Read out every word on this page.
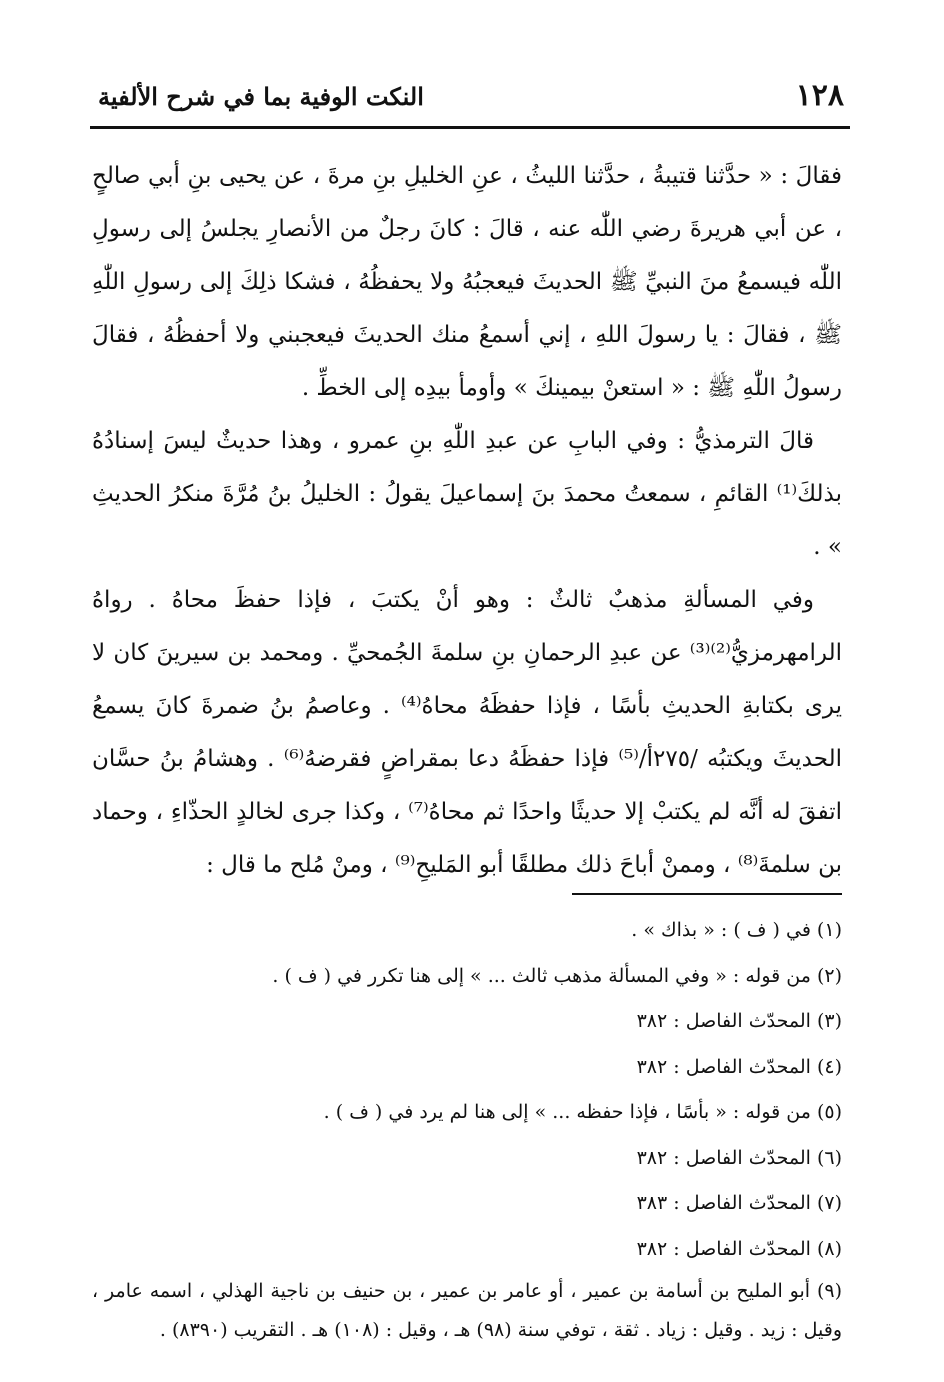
١٢٨
النكت الوفية بما في شرح الألفية

فقالَ : « حدَّثنا قتيبةُ ، حدَّثنا الليثُ ، عنِ الخليلِ بنِ مرةَ ، عن يحيى بنِ أبي صالحٍ ، عن أبي هريرةَ رضي اللّٰه عنه ، قالَ : كانَ رجلٌ من الأنصارِ يجلسُ إلى رسولِ اللّٰه فيسمعُ منَ النبيِّ ﷺ الحديثَ فيعجبُهُ ولا يحفظُهُ ، فشكا ذلِكَ إلى رسولِ اللّٰهِ ﷺ ، فقالَ : يا رسولَ اللهِ ، إني أسمعُ منك الحديثَ فيعجبني ولا أحفظُهُ ، فقالَ رسولُ اللّٰهِ ﷺ : « استعنْ بيمينكَ » وأومأ بيدِه إلى الخطِّ .

قالَ الترمذيُّ : وفي البابِ عن عبدِ اللّٰهِ بنِ عمرو ، وهذا حديثٌ ليسَ إسنادُهُ بذلكَ⁽¹⁾ القائمِ ، سمعتُ محمدَ بنَ إسماعيلَ يقولُ : الخليلُ بنُ مُرَّةَ منكرُ الحديثِ » .

وفي المسألةِ مذهبٌ ثالثٌ : وهو أنْ يكتبَ ، فإذا حفظَ محاهُ . رواهُ الرامهرمزيُّ⁽²⁾⁽³⁾ عن عبدِ الرحمانِ بنِ سلمةَ الجُمحيِّ . ومحمد بن سيرينَ كان لا يرى بكتابةِ الحديثِ بأسًا ، فإذا حفظَهُ محاهُ⁽⁴⁾ . وعاصمُ بنُ ضمرةَ كانَ يسمعُ الحديثَ ويكتبُه /٢٧٥أ/⁽⁵⁾ فإذا حفظَهُ دعا بمقراضٍ فقرضهُ⁽⁶⁾ . وهشامُ بنُ حسَّان اتفقَ له أنَّه لم يكتبْ إلا حديثًا واحدًا ثم محاهُ⁽⁷⁾ ، وكذا جرى لخالدٍ الحذّاءِ ، وحماد بن سلمةَ⁽⁸⁾ ، وممنْ أباحَ ذلك مطلقًا أبو المَليحِ⁽⁹⁾ ، ومنْ مُلح ما قال :

(١) في ( ف ) : « بذاك » .

(٢) من قوله : « وفي المسألة مذهب ثالث ... » إلى هنا تكرر في ( ف ) .

(٣) المحدّث الفاصل : ٣٨٢

(٤) المحدّث الفاصل : ٣٨٢

(٥) من قوله : « بأسًا ، فإذا حفظه ... » إلى هنا لم يرد في ( ف ) .

(٦) المحدّث الفاصل : ٣٨٢

(٧) المحدّث الفاصل : ٣٨٣

(٨) المحدّث الفاصل : ٣٨٢

(٩) أبو المليح بن أسامة بن عمير ، أو عامر بن عمير ، بن حنيف بن ناجية الهذلي ، اسمه عامر ، وقيل : زيد . وقيل : زياد . ثقة ، توفي سنة (٩٨) هـ ، وقيل : (١٠٨) هـ . التقريب (٨٣٩٠) .
